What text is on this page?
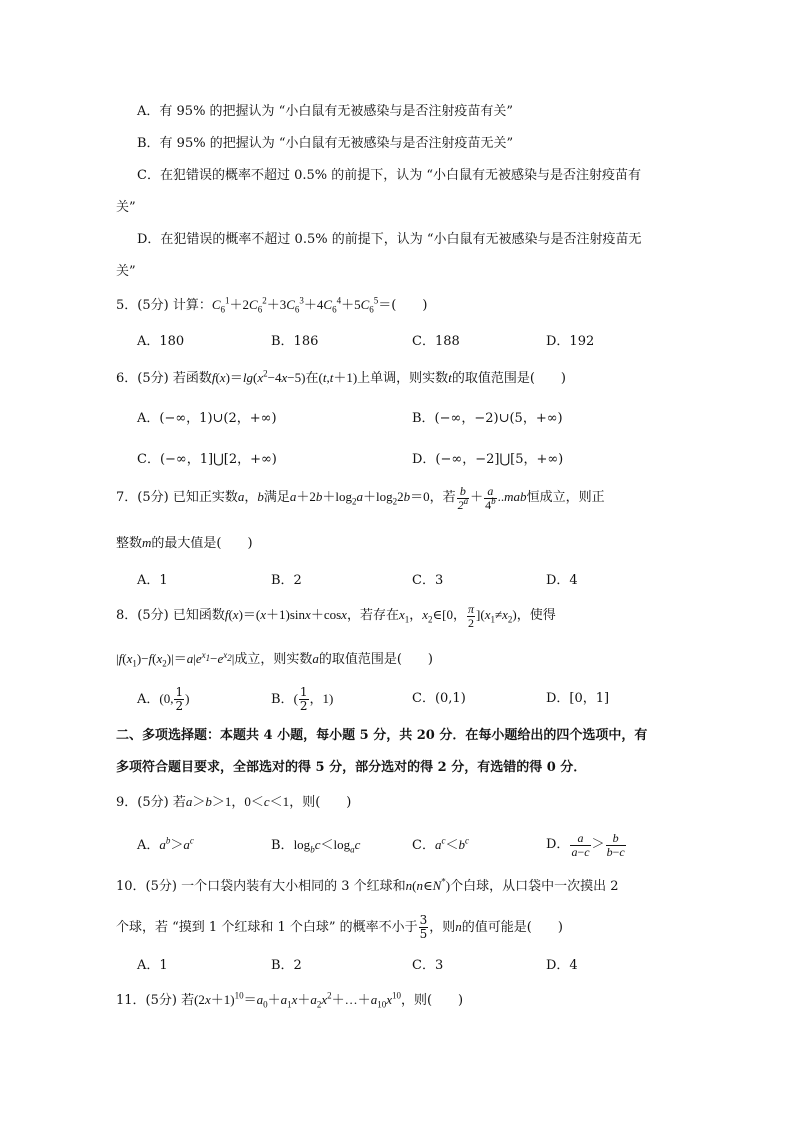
A．有 95% 的把握认为 “小白鼠有无被感染与是否注射疫苗有关”
B．有 95% 的把握认为 “小白鼠有无被感染与是否注射疫苗无关”
C．在犯错误的概率不超过 0.5% 的前提下，认为 “小白鼠有无被感染与是否注射疫苗有
关”
D．在犯错误的概率不超过 0.5% 的前提下，认为 “小白鼠有无被感染与是否注射疫苗无
关”
5．(5分) 计算：$C_6^1+2C_6^2+3C_6^3+4C_6^4+5C_6^5=$(　　)
A．180	B．186	C．188	D．192
6．(5分) 若函数$f(x)=\lg(x^2-4x-5)$在(t,t＋1)上单调，则实数t的取值范围是(　　)
A．(−∞，1)∪(2，+∞)	B．(−∞，−2)∪(5，+∞)
C．(−∞，1]⋃[2，+∞)	D．(−∞，−2]⋃[5，+∞)
7．(5分) 已知正实数a，b满足$a+2b+\log_2a+\log_22b=0$，若 $\frac{b}{2^a} + \frac{a}{4^b} ..mab$恒成立，则正
整数m的最大值是(　　)
A．1	B．2	C．3	D．4
8．(5分) 已知函数f(x)＝(x＋1)sinx＋cosx，若存在$x_1$，$x_2\in[0$， $\frac{\pi}{2} ](x_1\ne x_2)$，使得
$|f(x_1)-f(x_2)|=a|e^{x_1}-e^{x_2}|$成立，则实数a的取值范围是(　　)
A．(0, $\frac{1}{2}$ )	B．( $\frac{1}{2}$ ，1)	C．(0,1)	D．[0，1]
二、多项选择题：本题共 4 小题，每小题 5 分，共 20 分．在每小题给出的四个选项中，有
多项符合题目要求，全部选对的得 5 分，部分选对的得 2 分，有选错的得 0 分．
9．(5分) 若a＞b＞1，0＜c＜1，则(　　)
A．$a^b>a^c$	B．$\log_bc<\log_ac$	C．$a^c<b^c$	D． $\frac{a}{a-c} > \frac{b}{b-c}$
10．(5分) 一个口袋内装有大小相同的 3 个红球和n(n∈N*)个白球，从口袋中一次摸出 2
个球，若 “摸到 1 个红球和 1 个白球” 的概率不小于 $\frac{3}{5}$ ，则n的值可能是(　　)
A．1	B．2	C．3	D．4
11．(5分) 若$(2x+1)^{10}=a_0+a_1x+a_2x^2+\dots+a_{10}x^{10}$，则(　　)
